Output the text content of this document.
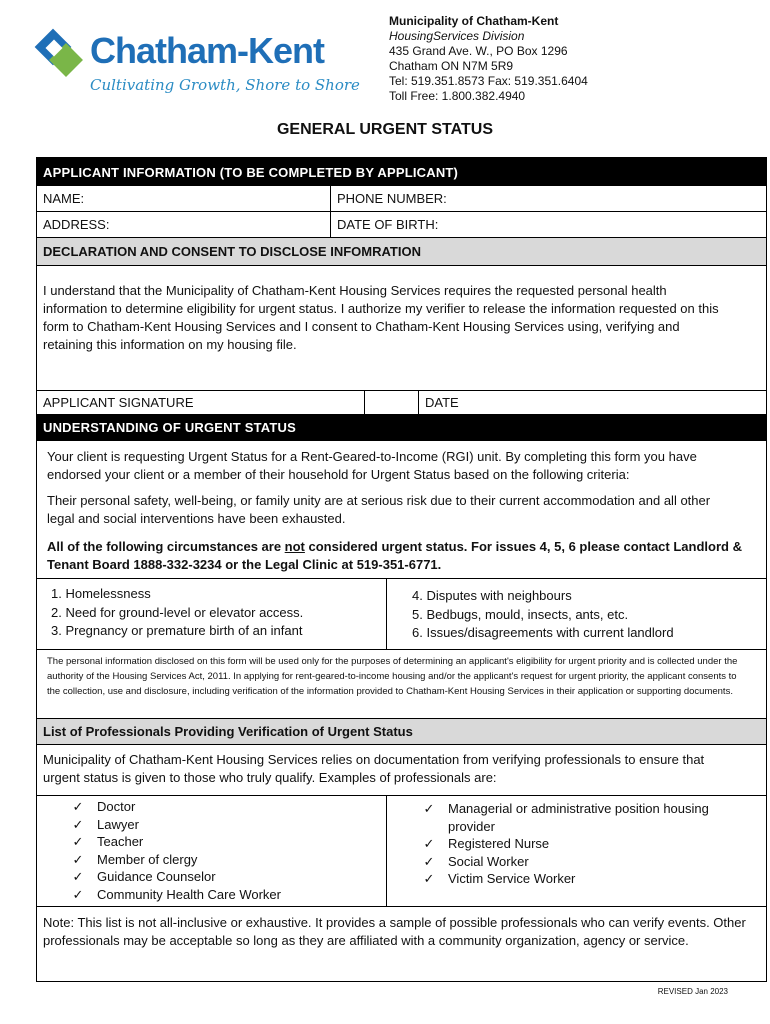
Chatham-Kent
Cultivating Growth, Shore to Shore
Municipality of Chatham-Kent
HousingServices Division
435 Grand Ave. W., PO Box 1296
Chatham ON N7M 5R9
Tel: 519.351.8573 Fax: 519.351.6404
Toll Free: 1.800.382.4940
GENERAL URGENT STATUS
APPLICANT INFORMATION (TO BE COMPLETED BY APPLICANT)
NAME:	PHONE NUMBER:
ADDRESS:	DATE OF BIRTH:
DECLARATION AND CONSENT TO DISCLOSE INFOMRATION
I understand that the Municipality of Chatham-Kent Housing Services requires the requested personal health information to determine eligibility for urgent status. I authorize my verifier to release the information requested on this form to Chatham-Kent Housing Services and I consent to Chatham-Kent Housing Services using, verifying and retaining this information on my housing file.
APPLICANT SIGNATURE	DATE
UNDERSTANDING OF URGENT STATUS
Your client is requesting Urgent Status for a Rent-Geared-to-Income (RGI) unit. By completing this form you have endorsed your client or a member of their household for Urgent Status based on the following criteria:
Their personal safety, well-being, or family unity are at serious risk due to their current accommodation and all other legal and social interventions have been exhausted.
All of the following circumstances are not considered urgent status. For issues 4, 5, 6 please contact Landlord & Tenant Board 1888-332-3234 or the Legal Clinic at 519-351-6771.
1. Homelessness
2. Need for ground-level or elevator access.
3. Pregnancy or premature birth of an infant
4. Disputes with neighbours
5. Bedbugs, mould, insects, ants, etc.
6. Issues/disagreements with current landlord
The personal information disclosed on this form will be used only for the purposes of determining an applicant's eligibility for urgent priority and is collected under the authority of the Housing Services Act, 2011. In applying for rent-geared-to-income housing and/or the applicant's request for urgent priority, the applicant consents to the collection, use and disclosure, including verification of the information provided to Chatham-Kent Housing Services in their application or supporting documents.
List of Professionals Providing Verification of Urgent Status
Municipality of Chatham-Kent Housing Services relies on documentation from verifying professionals to ensure that urgent status is given to those who truly qualify. Examples of professionals are:
✓ Doctor
✓ Lawyer
✓ Teacher
✓ Member of clergy
✓ Guidance Counselor
✓ Community Health Care Worker
✓ Managerial or administrative position housing provider
✓ Registered Nurse
✓ Social Worker
✓ Victim Service Worker
Note: This list is not all-inclusive or exhaustive. It provides a sample of possible professionals who can verify events. Other professionals may be acceptable so long as they are affiliated with a community organization, agency or service.
REVISED Jan 2023
